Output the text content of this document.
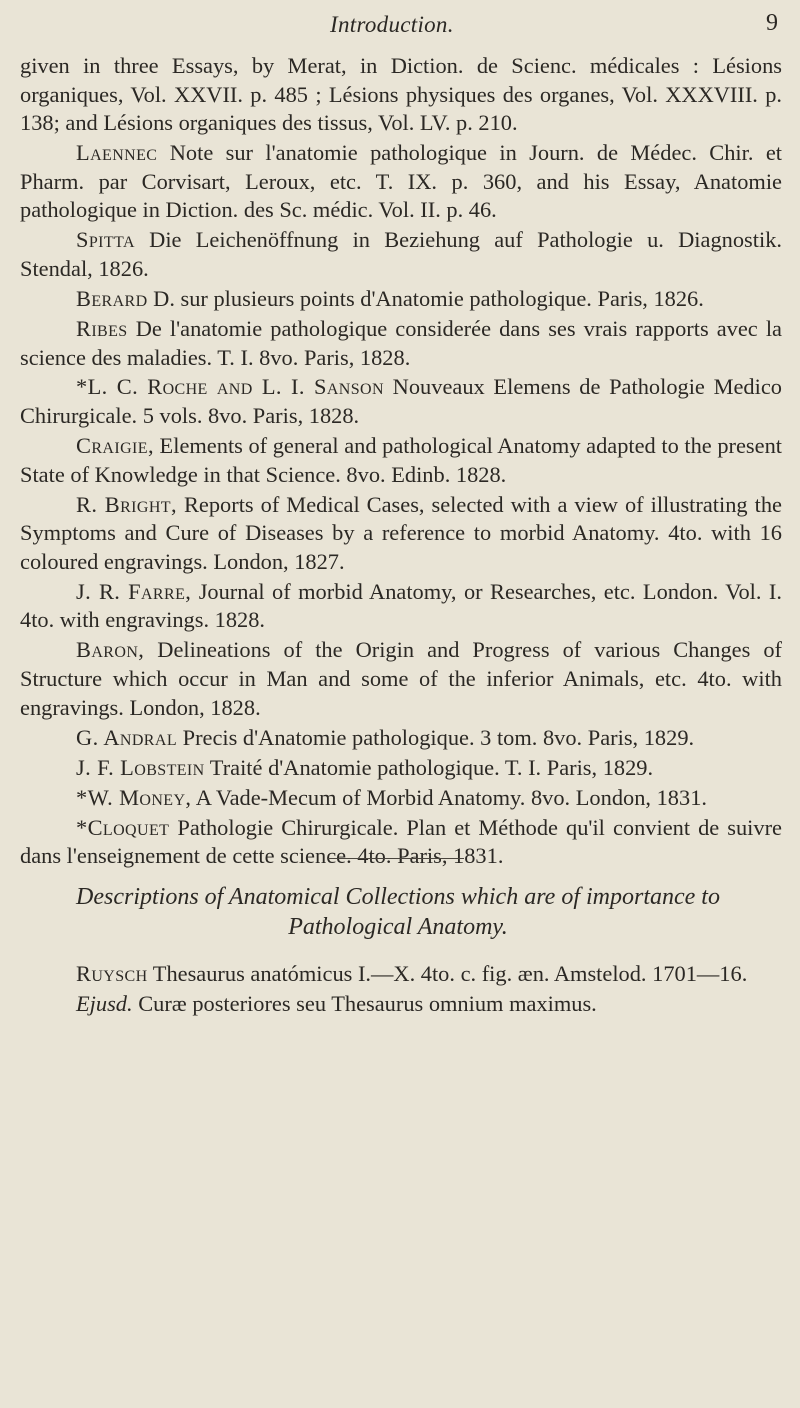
Introduction.	9

given in three Essays, by Merat, in Diction. de Scienc. médicales : Lésions organiques, Vol. XXVII. p. 485 ; Lésions physiques des organes, Vol. XXXVIII. p. 138; and Lésions organiques des tissus, Vol. LV. p. 210.

Laennec Note sur l'anatomie pathologique in Journ. de Médec. Chir. et Pharm. par Corvisart, Leroux, etc. T. IX. p. 360, and his Essay, Anatomie pathologique in Diction. des Sc. médic. Vol. II. p. 46.

Spitta Die Leichenöffnung in Beziehung auf Pathologie u. Diagnostik. Stendal, 1826.

Berard D. sur plusieurs points d'Anatomie pathologique. Paris, 1826.

Ribes De l'anatomie pathologique considerée dans ses vrais rapports avec la science des maladies. T. I. 8vo. Paris, 1828.

*L. C. Roche and L. I. Sanson Nouveaux Elemens de Pathologie Medico Chirurgicale. 5 vols. 8vo. Paris, 1828.

Craigie, Elements of general and pathological Anatomy adapted to the present State of Knowledge in that Science. 8vo. Edinb. 1828.

R. Bright, Reports of Medical Cases, selected with a view of illustrating the Symptoms and Cure of Diseases by a reference to morbid Anatomy. 4to. with 16 coloured engravings. London, 1827.

J. R. Farre, Journal of morbid Anatomy, or Researches, etc. London. Vol. I. 4to. with engravings. 1828.

Baron, Delineations of the Origin and Progress of various Changes of Structure which occur in Man and some of the inferior Animals, etc. 4to. with engravings. London, 1828.

G. Andral Precis d'Anatomie pathologique. 3 tom. 8vo. Paris, 1829.

J. F. Lobstein Traité d'Anatomie pathologique. T. I. Paris, 1829.

*W. Money, A Vade-Mecum of Morbid Anatomy. 8vo. London, 1831.

*Cloquet Pathologie Chirurgicale. Plan et Méthode qu'il convient de suivre dans l'enseignement de cette science. 4to. Paris, 1831.

Descriptions of Anatomical Collections which are of importance to Pathological Anatomy.

Ruysch Thesaurus anatómicus I.—X. 4to. c. fig. æn. Amstelod. 1701—16.

Ejusd. Curæ posteriores seu Thesaurus omnium maximus.
